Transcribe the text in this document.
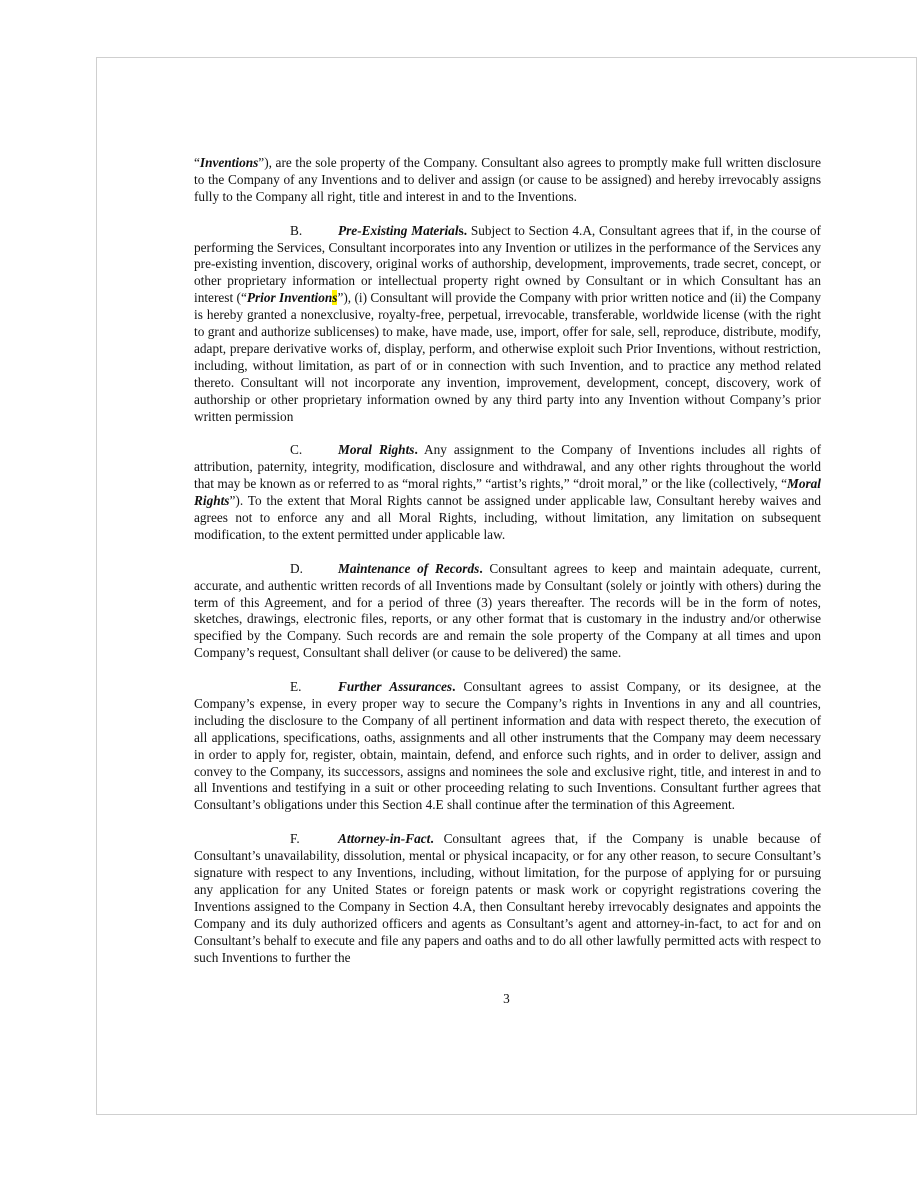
“Inventions”), are the sole property of the Company. Consultant also agrees to promptly make full written disclosure to the Company of any Inventions and to deliver and assign (or cause to be assigned) and hereby irrevocably assigns fully to the Company all right, title and interest in and to the Inventions.

B.	Pre-Existing Materials. Subject to Section 4.A, Consultant agrees that if, in the course of performing the Services, Consultant incorporates into any Invention or utilizes in the performance of the Services any pre-existing invention, discovery, original works of authorship, development, improvements, trade secret, concept, or other proprietary information or intellectual property right owned by Consultant or in which Consultant has an interest (“Prior Inventions”), (i) Consultant will provide the Company with prior written notice and (ii) the Company is hereby granted a nonexclusive, royalty-free, perpetual, irrevocable, transferable, worldwide license (with the right to grant and authorize sublicenses) to make, have made, use, import, offer for sale, sell, reproduce, distribute, modify, adapt, prepare derivative works of, display, perform, and otherwise exploit such Prior Inventions, without restriction, including, without limitation, as part of or in connection with such Invention, and to practice any method related thereto. Consultant will not incorporate any invention, improvement, development, concept, discovery, work of authorship or other proprietary information owned by any third party into any Invention without Company’s prior written permission

C.	Moral Rights. Any assignment to the Company of Inventions includes all rights of attribution, paternity, integrity, modification, disclosure and withdrawal, and any other rights throughout the world that may be known as or referred to as “moral rights,” “artist’s rights,” “droit moral,” or the like (collectively, “Moral Rights”). To the extent that Moral Rights cannot be assigned under applicable law, Consultant hereby waives and agrees not to enforce any and all Moral Rights, including, without limitation, any limitation on subsequent modification, to the extent permitted under applicable law.

D.	Maintenance of Records. Consultant agrees to keep and maintain adequate, current, accurate, and authentic written records of all Inventions made by Consultant (solely or jointly with others) during the term of this Agreement, and for a period of three (3) years thereafter. The records will be in the form of notes, sketches, drawings, electronic files, reports, or any other format that is customary in the industry and/or otherwise specified by the Company. Such records are and remain the sole property of the Company at all times and upon Company’s request, Consultant shall deliver (or cause to be delivered) the same.

E.	Further Assurances. Consultant agrees to assist Company, or its designee, at the Company’s expense, in every proper way to secure the Company’s rights in Inventions in any and all countries, including the disclosure to the Company of all pertinent information and data with respect thereto, the execution of all applications, specifications, oaths, assignments and all other instruments that the Company may deem necessary in order to apply for, register, obtain, maintain, defend, and enforce such rights, and in order to deliver, assign and convey to the Company, its successors, assigns and nominees the sole and exclusive right, title, and interest in and to all Inventions and testifying in a suit or other proceeding relating to such Inventions. Consultant further agrees that Consultant’s obligations under this Section 4.E shall continue after the termination of this Agreement.

F.	Attorney-in-Fact. Consultant agrees that, if the Company is unable because of Consultant’s unavailability, dissolution, mental or physical incapacity, or for any other reason, to secure Consultant’s signature with respect to any Inventions, including, without limitation, for the purpose of applying for or pursuing any application for any United States or foreign patents or mask work or copyright registrations covering the Inventions assigned to the Company in Section 4.A, then Consultant hereby irrevocably designates and appoints the Company and its duly authorized officers and agents as Consultant’s agent and attorney-in-fact, to act for and on Consultant’s behalf to execute and file any papers and oaths and to do all other lawfully permitted acts with respect to such Inventions to further the

3
